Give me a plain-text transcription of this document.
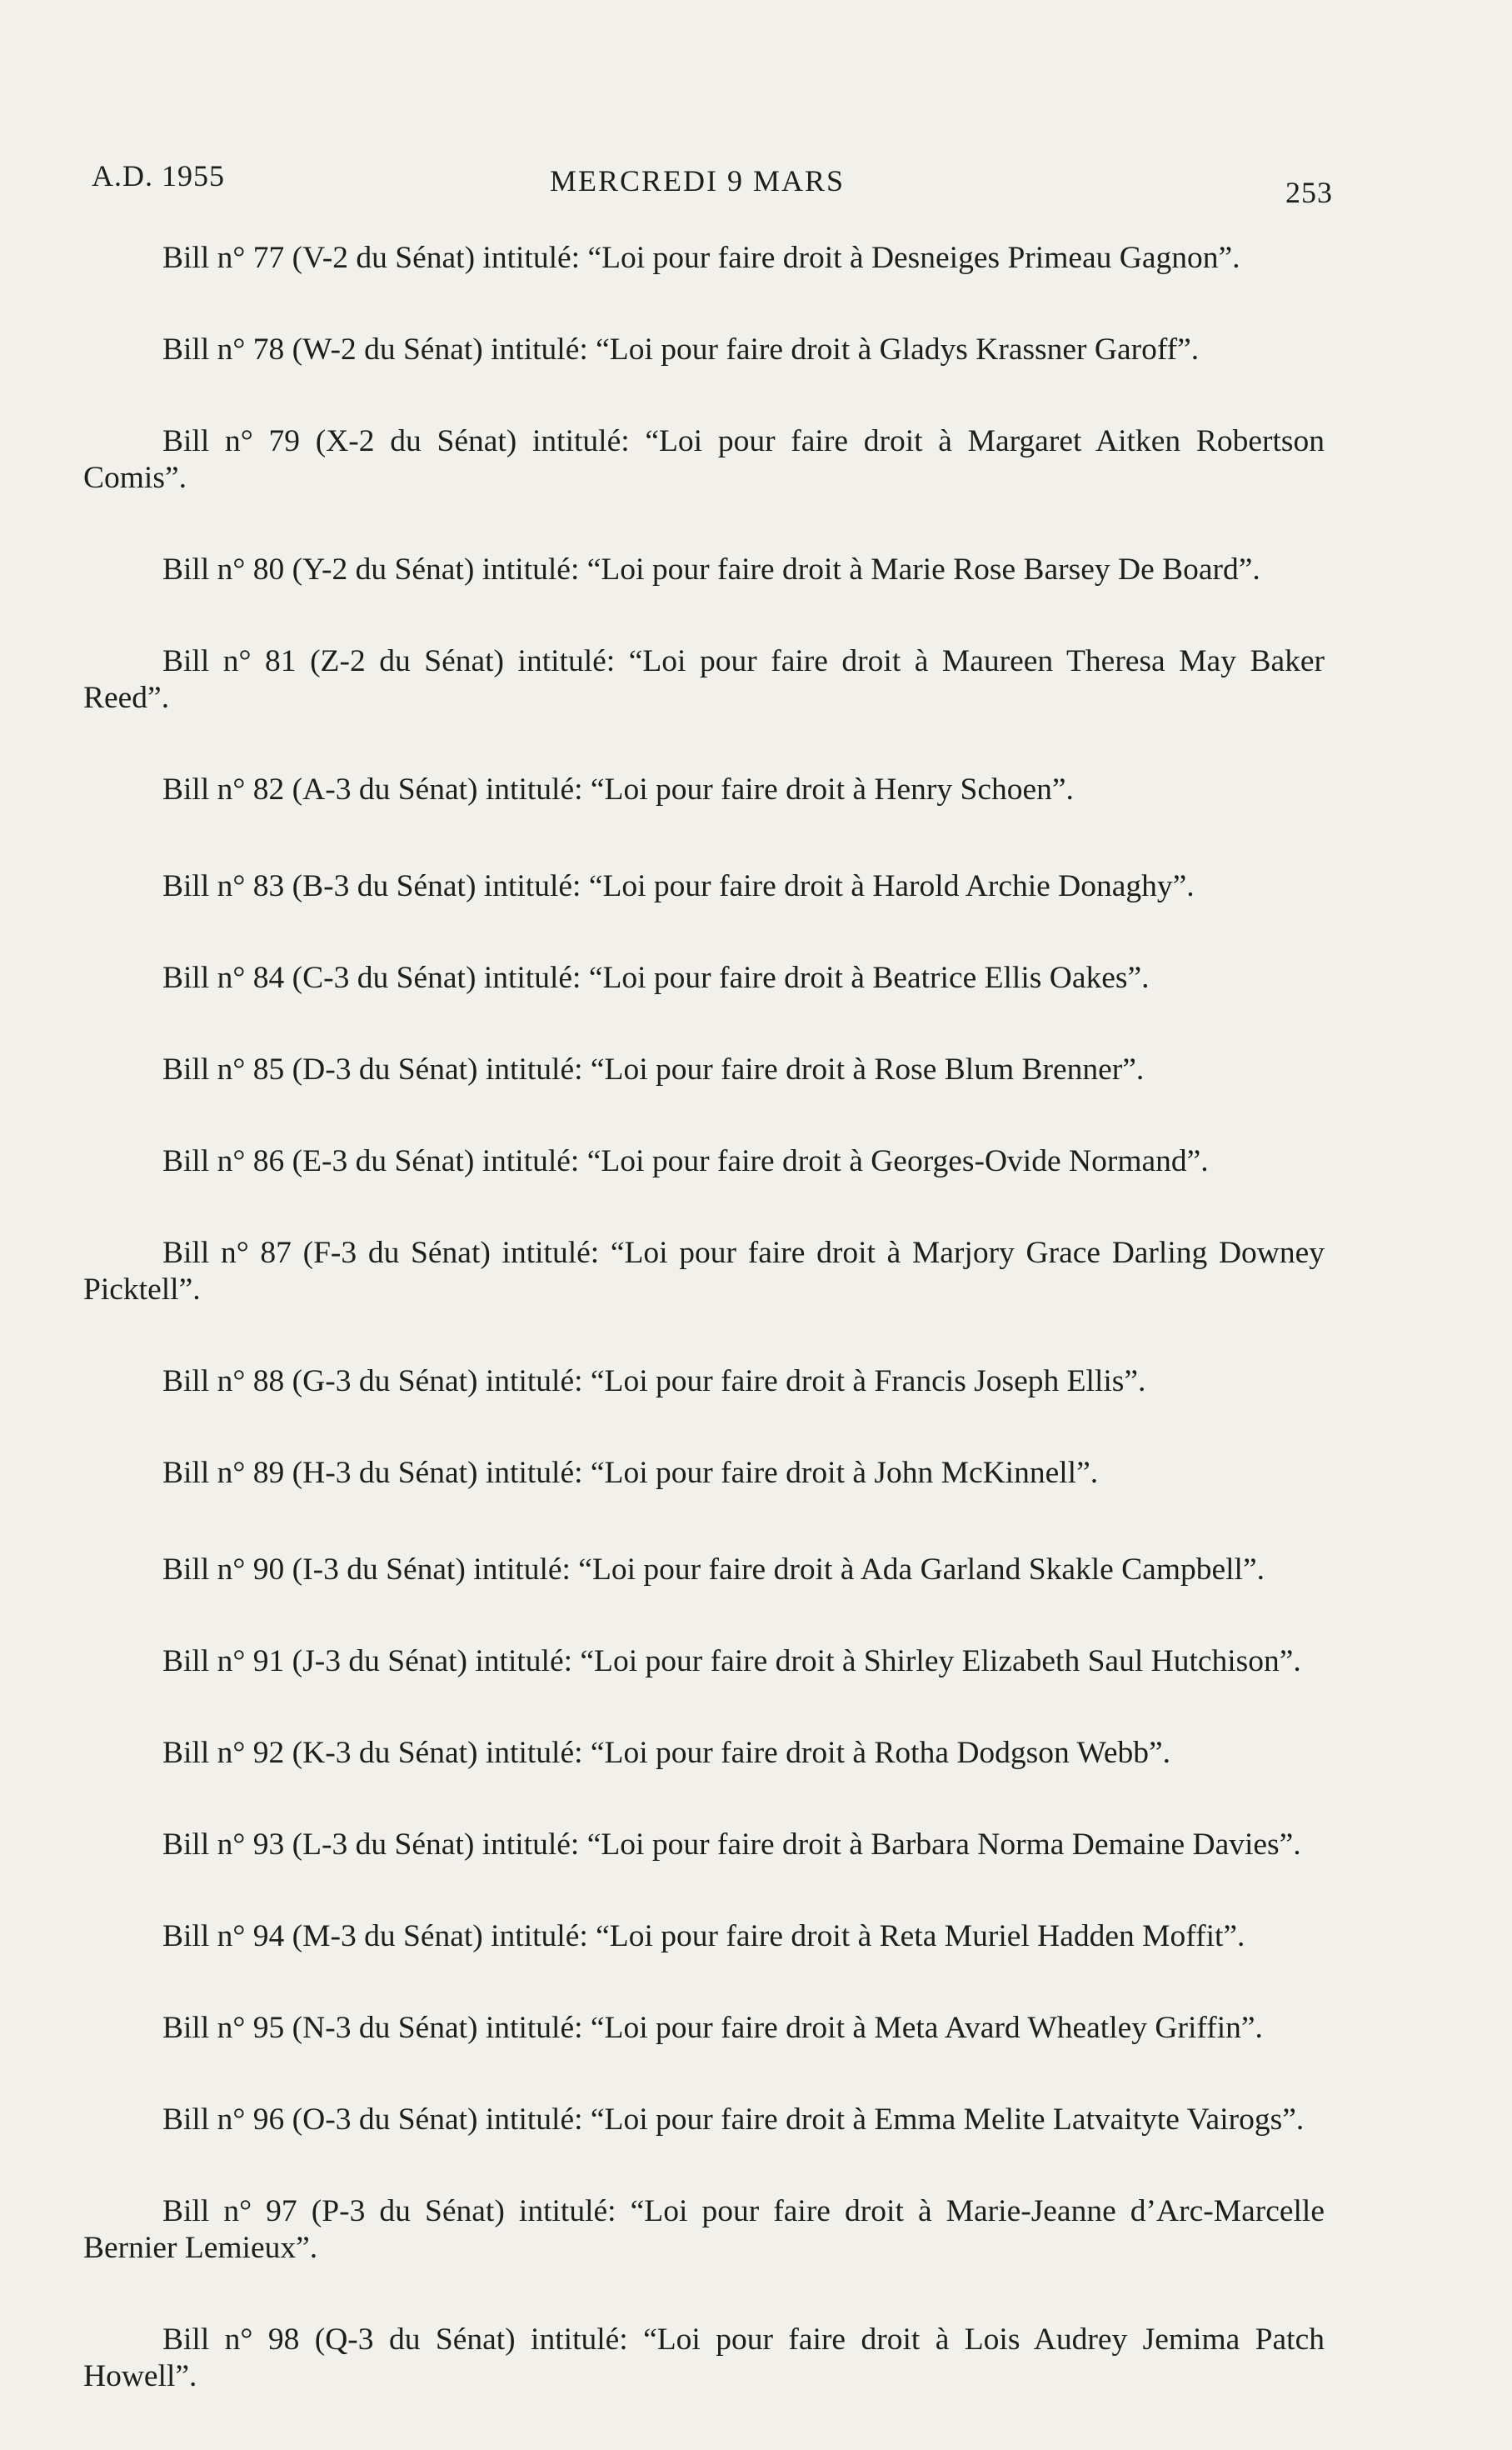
A.D. 1955	MERCREDI 9 MARS	253

Bill n° 77 (V-2 du Sénat) intitulé: “Loi pour faire droit à Desneiges Primeau Gagnon”.

Bill n° 78 (W-2 du Sénat) intitulé: “Loi pour faire droit à Gladys Krassner Garoff”.

Bill n° 79 (X-2 du Sénat) intitulé: “Loi pour faire droit à Margaret Aitken Robertson Comis”.

Bill n° 80 (Y-2 du Sénat) intitulé: “Loi pour faire droit à Marie Rose Barsey De Board”.

Bill n° 81 (Z-2 du Sénat) intitulé: “Loi pour faire droit à Maureen Theresa May Baker Reed”.

Bill n° 82 (A-3 du Sénat) intitulé: “Loi pour faire droit à Henry Schoen”.

Bill n° 83 (B-3 du Sénat) intitulé: “Loi pour faire droit à Harold Archie Donaghy”.

Bill n° 84 (C-3 du Sénat) intitulé: “Loi pour faire droit à Beatrice Ellis Oakes”.

Bill n° 85 (D-3 du Sénat) intitulé: “Loi pour faire droit à Rose Blum Brenner”.

Bill n° 86 (E-3 du Sénat) intitulé: “Loi pour faire droit à Georges-Ovide Normand”.

Bill n° 87 (F-3 du Sénat) intitulé: “Loi pour faire droit à Marjory Grace Darling Downey Picktell”.

Bill n° 88 (G-3 du Sénat) intitulé: “Loi pour faire droit à Francis Joseph Ellis”.

Bill n° 89 (H-3 du Sénat) intitulé: “Loi pour faire droit à John McKinnell”.

Bill n° 90 (I-3 du Sénat) intitulé: “Loi pour faire droit à Ada Garland Skakle Campbell”.

Bill n° 91 (J-3 du Sénat) intitulé: “Loi pour faire droit à Shirley Elizabeth Saul Hutchison”.

Bill n° 92 (K-3 du Sénat) intitulé: “Loi pour faire droit à Rotha Dodgson Webb”.

Bill n° 93 (L-3 du Sénat) intitulé: “Loi pour faire droit à Barbara Norma Demaine Davies”.

Bill n° 94 (M-3 du Sénat) intitulé: “Loi pour faire droit à Reta Muriel Hadden Moffit”.

Bill n° 95 (N-3 du Sénat) intitulé: “Loi pour faire droit à Meta Avard Wheatley Griffin”.

Bill n° 96 (O-3 du Sénat) intitulé: “Loi pour faire droit à Emma Melite Latvaityte Vairogs”.

Bill n° 97 (P-3 du Sénat) intitulé: “Loi pour faire droit à Marie-Jeanne d’Arc-Marcelle Bernier Lemieux”.

Bill n° 98 (Q-3 du Sénat) intitulé: “Loi pour faire droit à Lois Audrey Jemima Patch Howell”.
